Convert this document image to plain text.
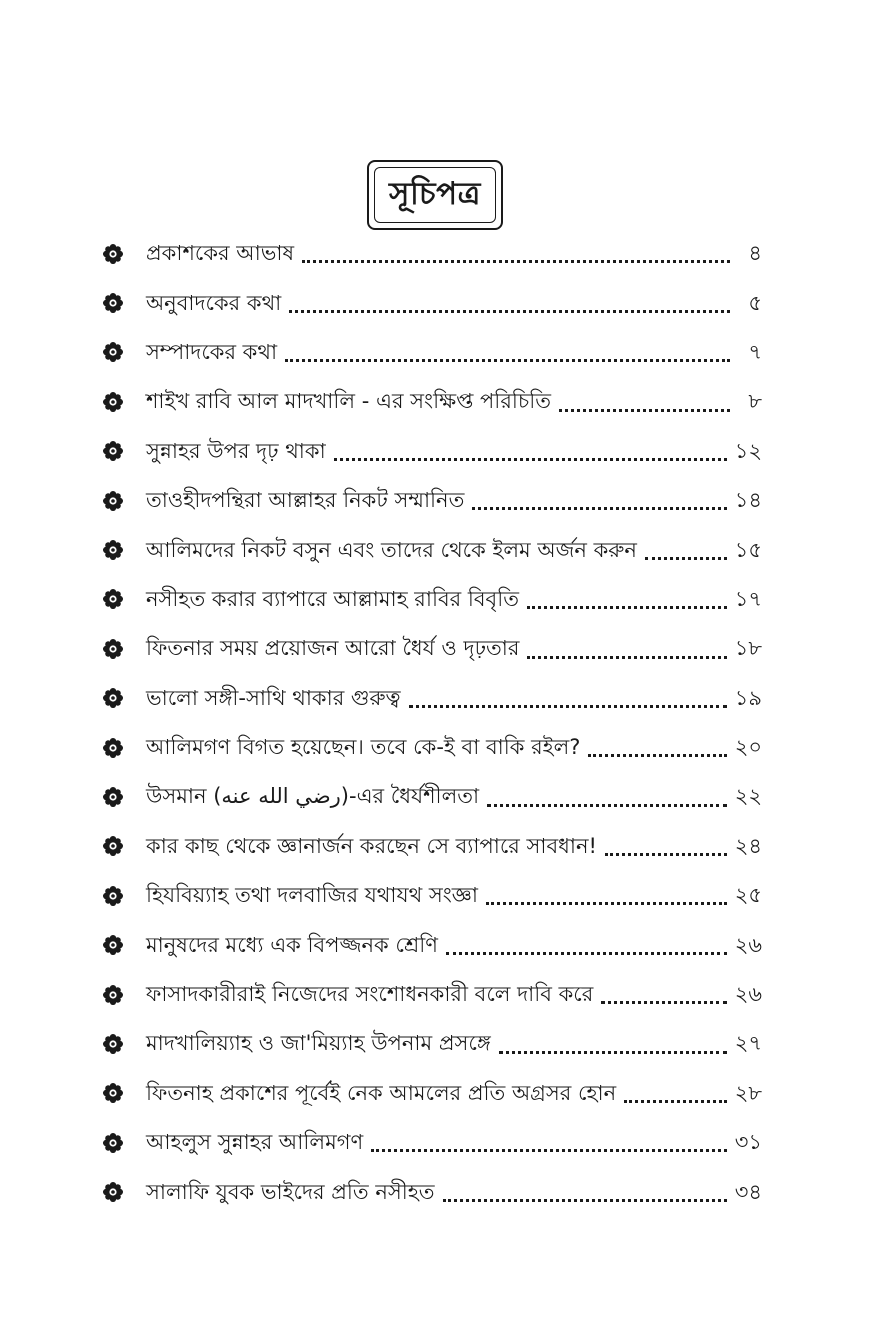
সূচিপত্র
প্রকাশকের আভাষ	৪
অনুবাদকের কথা	৫
সম্পাদকের কথা	৭
শাইখ রাবি আল মাদখালি - এর সংক্ষিপ্ত পরিচিতি	৮
সুন্নাহর উপর দৃঢ় থাকা	১২
তাওহীদপন্থিরা আল্লাহর নিকট সম্মানিত	১৪
আলিমদের নিকট বসুন এবং তাদের থেকে ইলম অর্জন করুন	১৫
নসীহত করার ব্যাপারে আল্লামাহ রাবির বিবৃতি	১৭
ফিতনার সময় প্রয়োজন আরো ধৈর্য ও দৃঢ়তার	১৮
ভালো সঙ্গী-সাথি থাকার গুরুত্ব	১৯
আলিমগণ বিগত হয়েছেন। তবে কে-ই বা বাকি রইল?	২০
উসমান (رضي الله عنه)-এর ধৈর্যশীলতা	২২
কার কাছ থেকে জ্ঞানার্জন করছেন সে ব্যাপারে সাবধান!	২৪
হিযবিয়্যাহ তথা দলবাজির যথাযথ সংজ্ঞা	২৫
মানুষদের মধ্যে এক বিপজ্জনক শ্রেণি	২৬
ফাসাদকারীরাই নিজেদের সংশোধনকারী বলে দাবি করে	২৬
মাদখালিয়্যাহ ও জা'মিয়্যাহ উপনাম প্রসঙ্গে	২৭
ফিতনাহ প্রকাশের পূর্বেই নেক আমলের প্রতি অগ্রসর হোন	২৮
আহলুস সুন্নাহর আলিমগণ	৩১
সালাফি যুবক ভাইদের প্রতি নসীহত	৩৪
